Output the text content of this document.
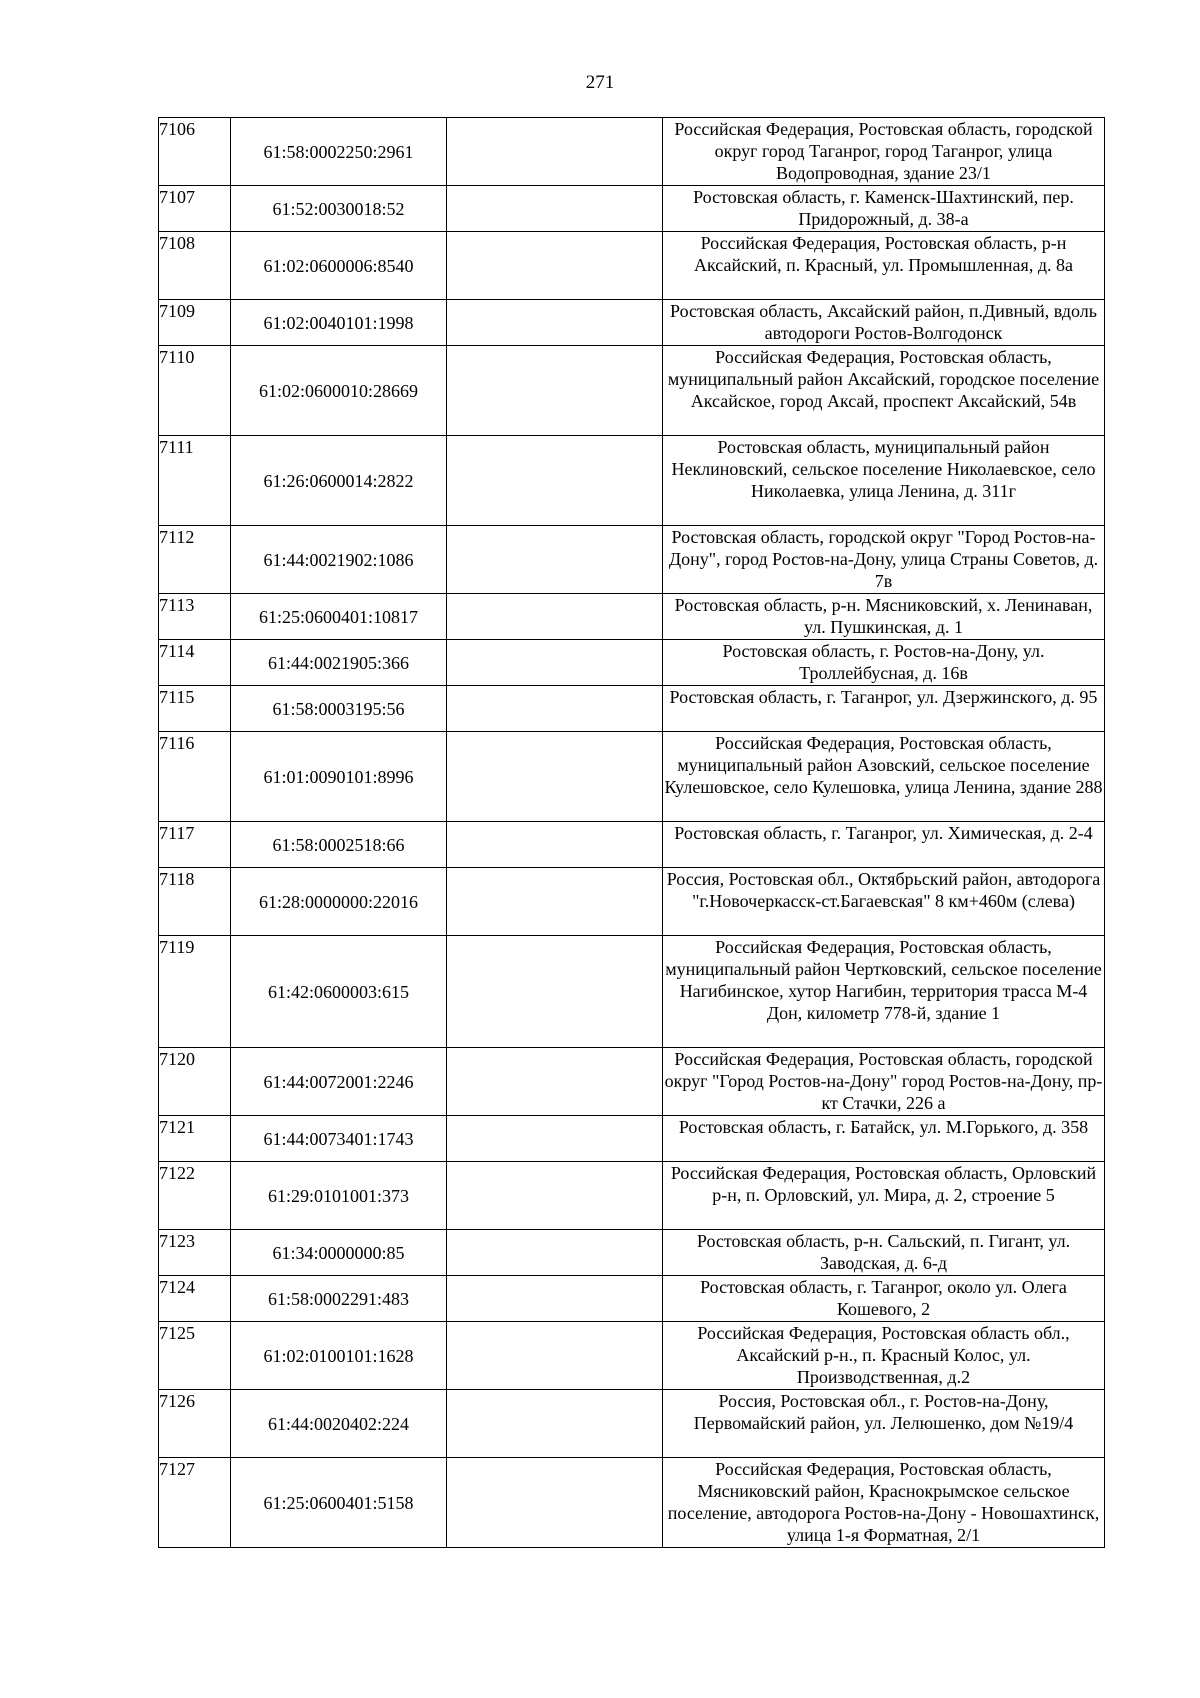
271
7106	61:58:0002250:2961		Российская Федерация, Ростовская область, городской округ город Таганрог, город Таганрог, улица Водопроводная, здание 23/1
7107	61:52:0030018:52		Ростовская область, г. Каменск-Шахтинский, пер. Придорожный, д. 38-а
7108	61:02:0600006:8540		Российская Федерация, Ростовская область, р-н Аксайский, п. Красный, ул. Промышленная, д. 8а
7109	61:02:0040101:1998		Ростовская область, Аксайский район, п.Дивный, вдоль автодороги Ростов-Волгодонск
7110	61:02:0600010:28669		Российская Федерация, Ростовская область, муниципальный район Аксайский, городское поселение Аксайское, город Аксай, проспект Аксайский, 54в
7111	61:26:0600014:2822		Ростовская область, муниципальный район Неклиновский, сельское поселение Николаевское, село Николаевка, улица Ленина, д. 311г
7112	61:44:0021902:1086		Ростовская область, городской округ "Город Ростов-на-Дону", город Ростов-на-Дону, улица Страны Советов, д. 7в
7113	61:25:0600401:10817		Ростовская область, р-н. Мясниковский, х. Ленинаван, ул. Пушкинская, д. 1
7114	61:44:0021905:366		Ростовская область, г. Ростов-на-Дону, ул. Троллейбусная, д. 16в
7115	61:58:0003195:56		Ростовская область, г. Таганрог, ул. Дзержинского, д. 95
7116	61:01:0090101:8996		Российская Федерация, Ростовская область, муниципальный район Азовский, сельское поселение Кулешовское, село Кулешовка, улица Ленина, здание 288
7117	61:58:0002518:66		Ростовская область, г. Таганрог, ул. Химическая, д. 2-4
7118	61:28:0000000:22016		Россия, Ростовская обл., Октябрьский район, автодорога "г.Новочеркасск-ст.Багаевская" 8 км+460м (слева)
7119	61:42:0600003:615		Российская Федерация, Ростовская область, муниципальный район Чертковский, сельское поселение Нагибинское, хутор Нагибин, территория трасса М-4 Дон, километр 778-й, здание 1
7120	61:44:0072001:2246		Российская Федерация, Ростовская область, городской округ "Город Ростов-на-Дону" город Ростов-на-Дону, пр-кт Стачки, 226 а
7121	61:44:0073401:1743		Ростовская область, г. Батайск, ул. М.Горького, д. 358
7122	61:29:0101001:373		Российская Федерация, Ростовская область, Орловский р-н, п. Орловский, ул. Мира, д. 2, строение 5
7123	61:34:0000000:85		Ростовская область, р-н. Сальский, п. Гигант, ул. Заводская, д. 6-д
7124	61:58:0002291:483		Ростовская область, г. Таганрог, около ул. Олега Кошевого, 2
7125	61:02:0100101:1628		Российская Федерация, Ростовская область обл., Аксайский р-н., п. Красный Колос, ул. Производственная, д.2
7126	61:44:0020402:224		Россия, Ростовская обл., г. Ростов-на-Дону, Первомайский район, ул. Лелюшенко, дом №19/4
7127	61:25:0600401:5158		Российская Федерация, Ростовская область, Мясниковский район, Краснокрымское сельское поселение, автодорога Ростов-на-Дону - Новошахтинск, улица 1-я Форматная, 2/1
